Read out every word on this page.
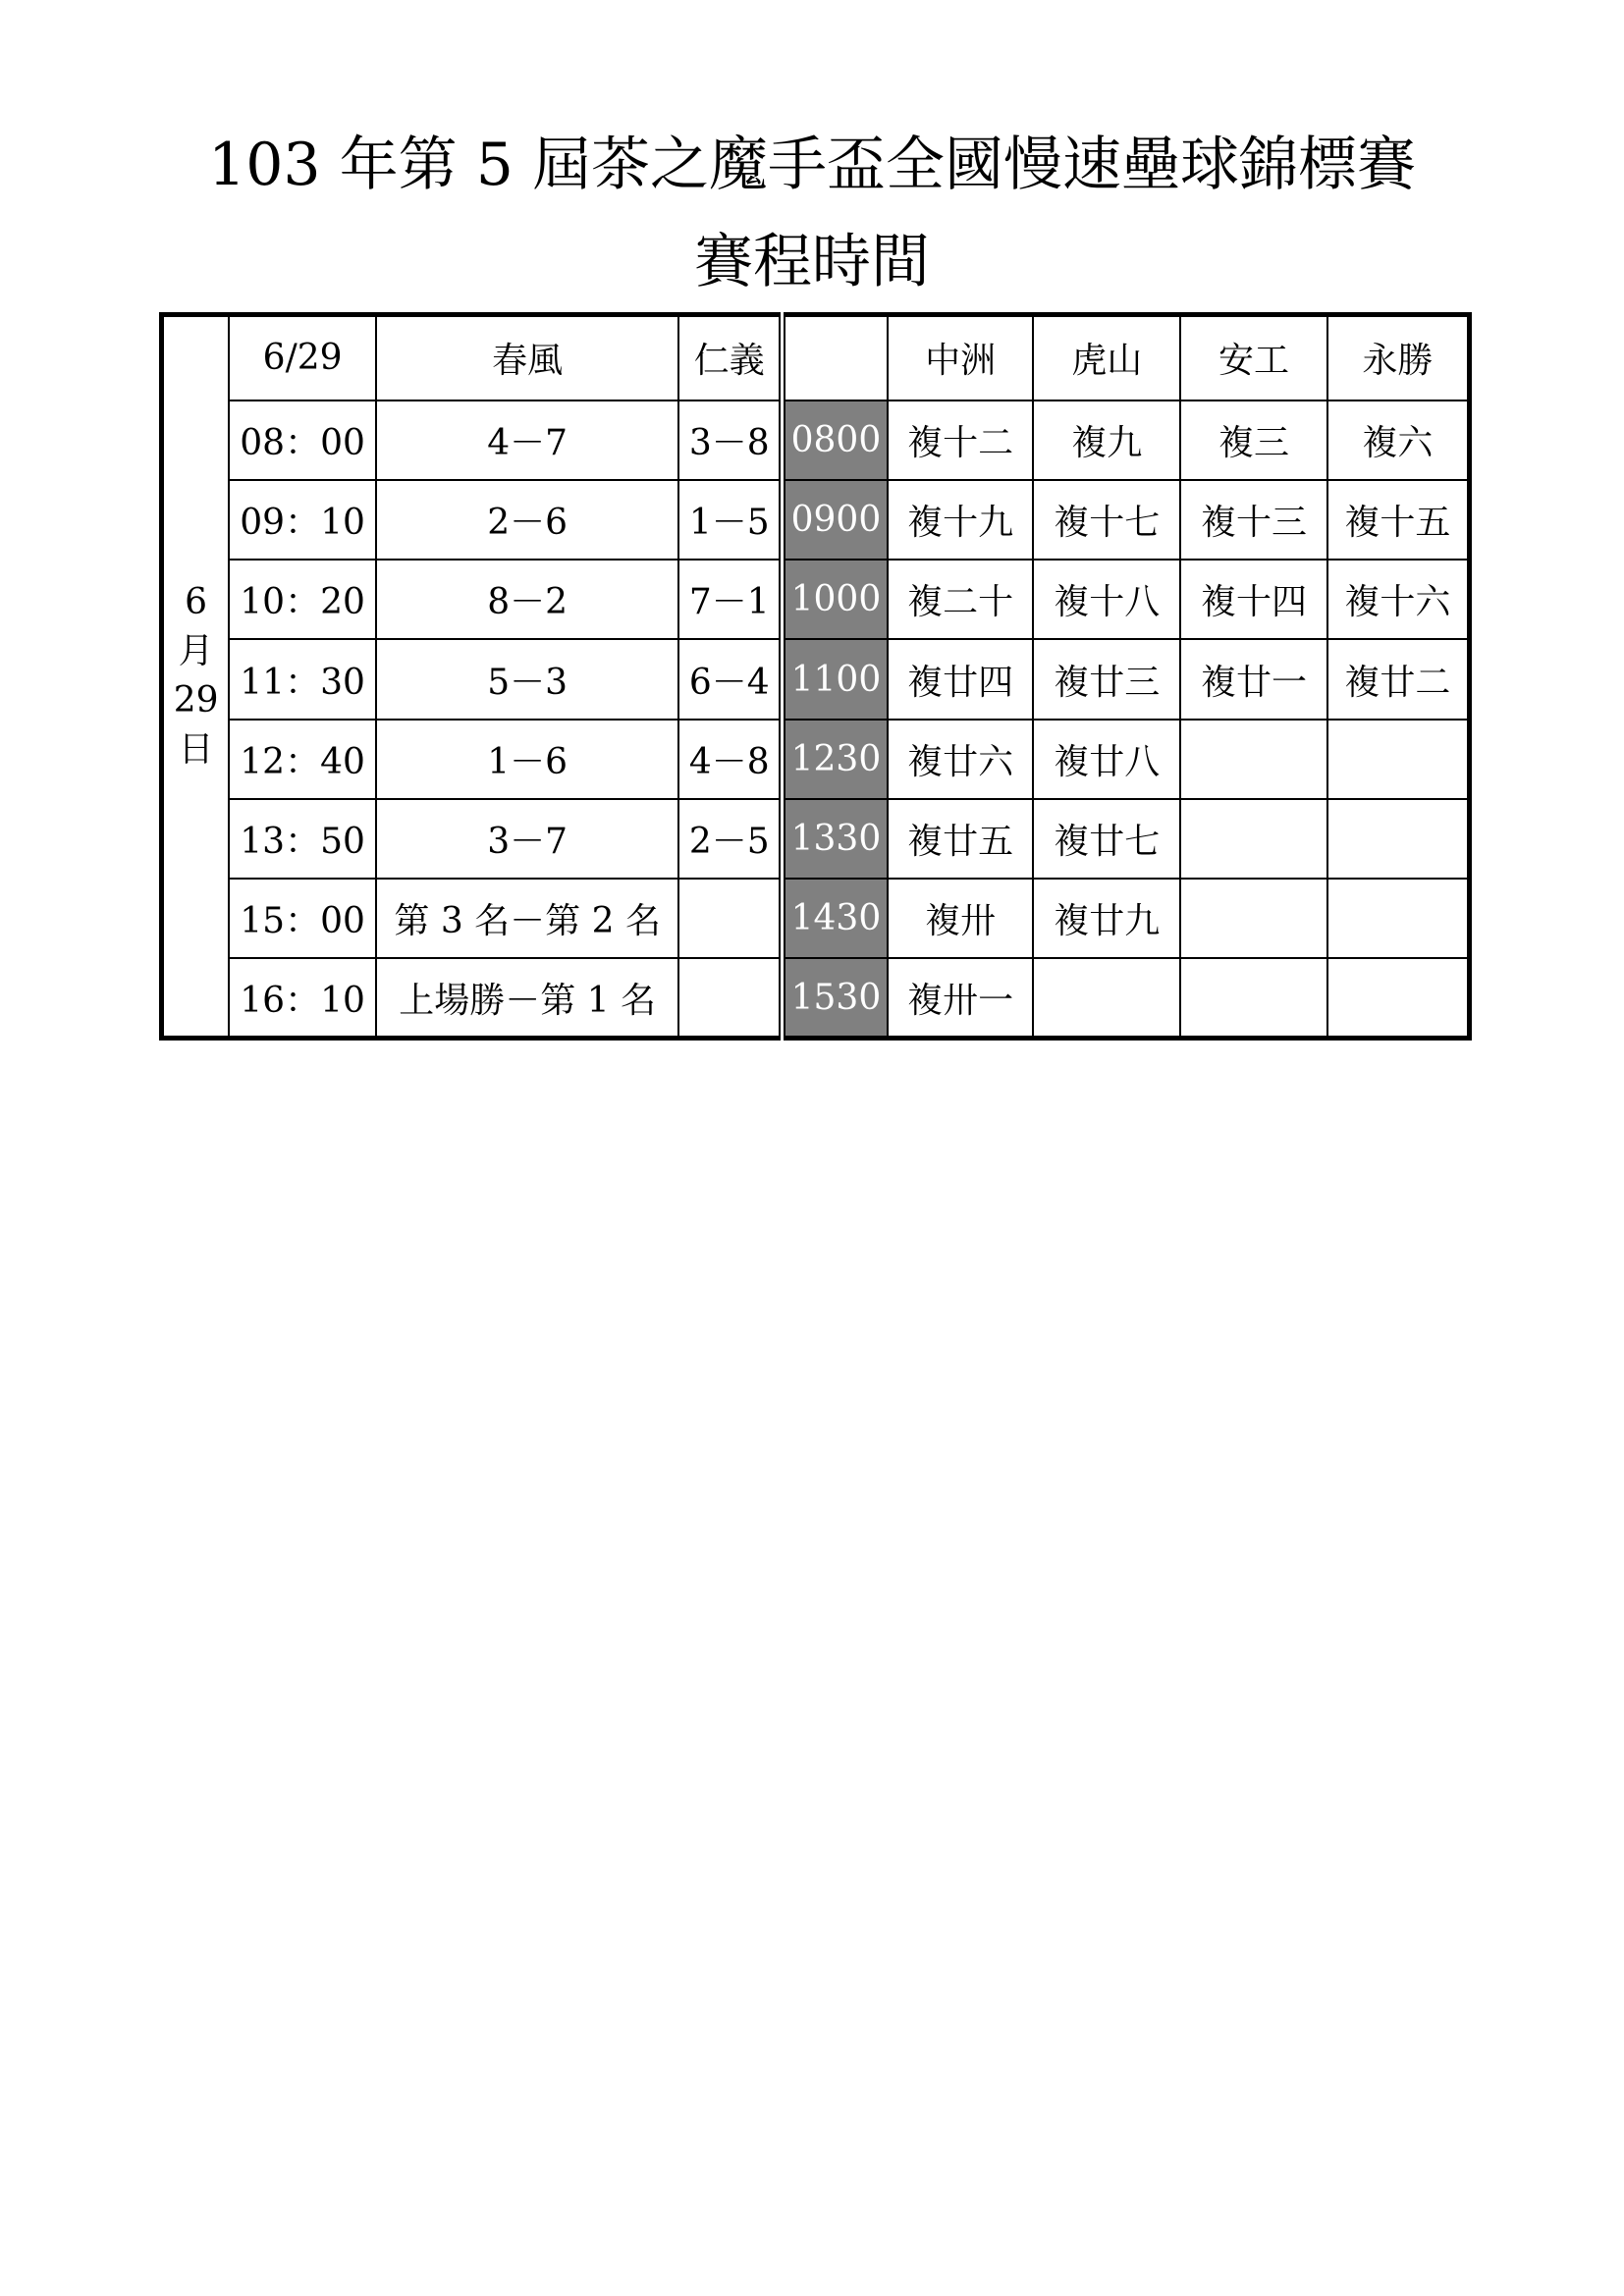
103 年第 5 屆茶之魔手盃全國慢速壘球錦標賽
賽程時間
6
月
29
日	6/29	春風	仁義		中洲	虎山	安工	永勝
	08：00	4－7	3－8	0800	複十二	複九	複三	複六
	09：10	2－6	1－5	0900	複十九	複十七	複十三	複十五
	10：20	8－2	7－1	1000	複二十	複十八	複十四	複十六
	11：30	5－3	6－4	1100	複廿四	複廿三	複廿一	複廿二
	12：40	1－6	4－8	1230	複廿六	複廿八		
	13：50	3－7	2－5	1330	複廿五	複廿七		
	15：00	第 3 名－第 2 名		1430	複卅	複廿九		
	16：10	上場勝－第 1 名		1530	複卅一			
